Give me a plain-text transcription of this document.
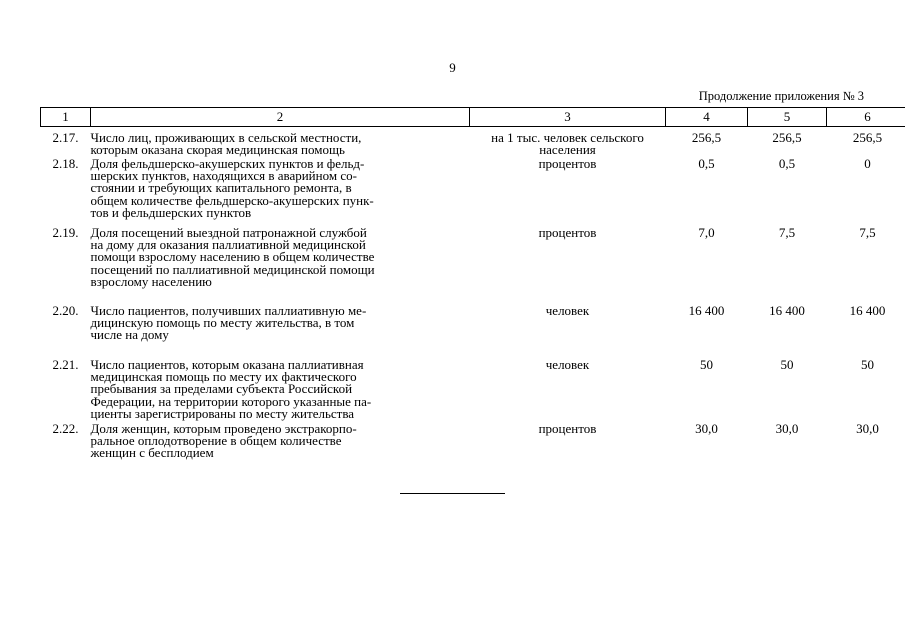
9
Продолжение приложения № 3
1	2	3	4	5	6
2.17.	Число лиц, проживающих в сельской местности,
которым оказана скорая медицинская помощь	на 1 тыс. человек сельского
населения	256,5	256,5	256,5
2.18.	Доля фельдшерско-акушерских пунктов и фельд-
шерских пунктов, находящихся в аварийном со-
стоянии и требующих капитального ремонта, в
общем количестве фельдшерско-акушерских пунк-
тов и фельдшерских пунктов	процентов	0,5	0,5	0
2.19.	Доля посещений выездной патронажной службой
на дому для оказания паллиативной медицинской
помощи взрослому населению в общем количестве
посещений по паллиативной медицинской помощи
взрослому населению	процентов	7,0	7,5	7,5
2.20.	Число пациентов, получивших паллиативную ме-
дицинскую помощь по месту жительства, в том
числе на дому	человек	16 400	16 400	16 400
2.21.	Число пациентов, которым оказана паллиативная
медицинская помощь по месту их фактического
пребывания за пределами субъекта Российской
Федерации, на территории которого указанные па-
циенты зарегистрированы по месту жительства	человек	50	50	50
2.22.	Доля женщин, которым проведено экстракорпо-
ральное оплодотворение в общем количестве
женщин с бесплодием	процентов	30,0	30,0	30,0
